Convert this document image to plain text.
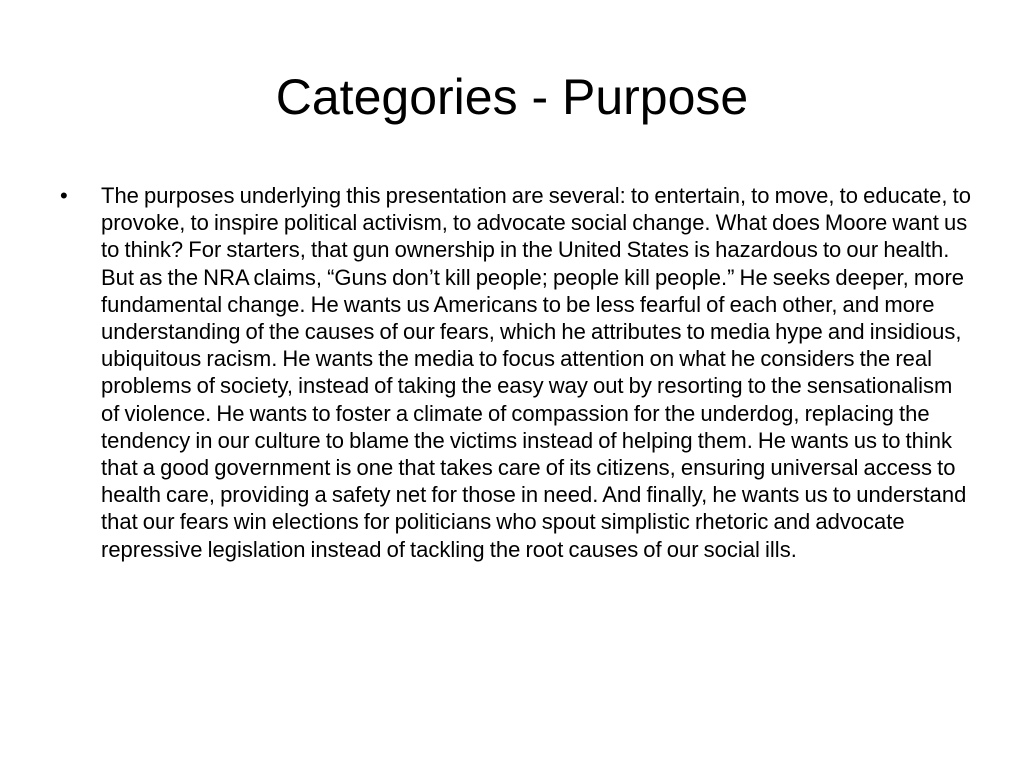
Categories - Purpose
•	The purposes underlying this presentation are several: to entertain, to move, to educate, to provoke, to inspire political activism, to advocate social change. What does Moore want us to think? For starters, that gun ownership in the United States is hazardous to our health. But as the NRA claims, “Guns don’t kill people; people kill people.” He seeks deeper, more fundamental change. He wants us Americans to be less fearful of each other, and more understanding of the causes of our fears, which he attributes to media hype and insidious, ubiquitous racism. He wants the media to focus attention on what he considers the real problems of society, instead of taking the easy way out by resorting to the sensationalism of violence. He wants to foster a climate of compassion for the underdog, replacing the tendency in our culture to blame the victims instead of helping them. He wants us to think that a good government is one that takes care of its citizens, ensuring universal access to health care, providing a safety net for those in need. And finally, he wants us to understand that our fears win elections for politicians who spout simplistic rhetoric and advocate repressive legislation instead of tackling the root causes of our social ills.
